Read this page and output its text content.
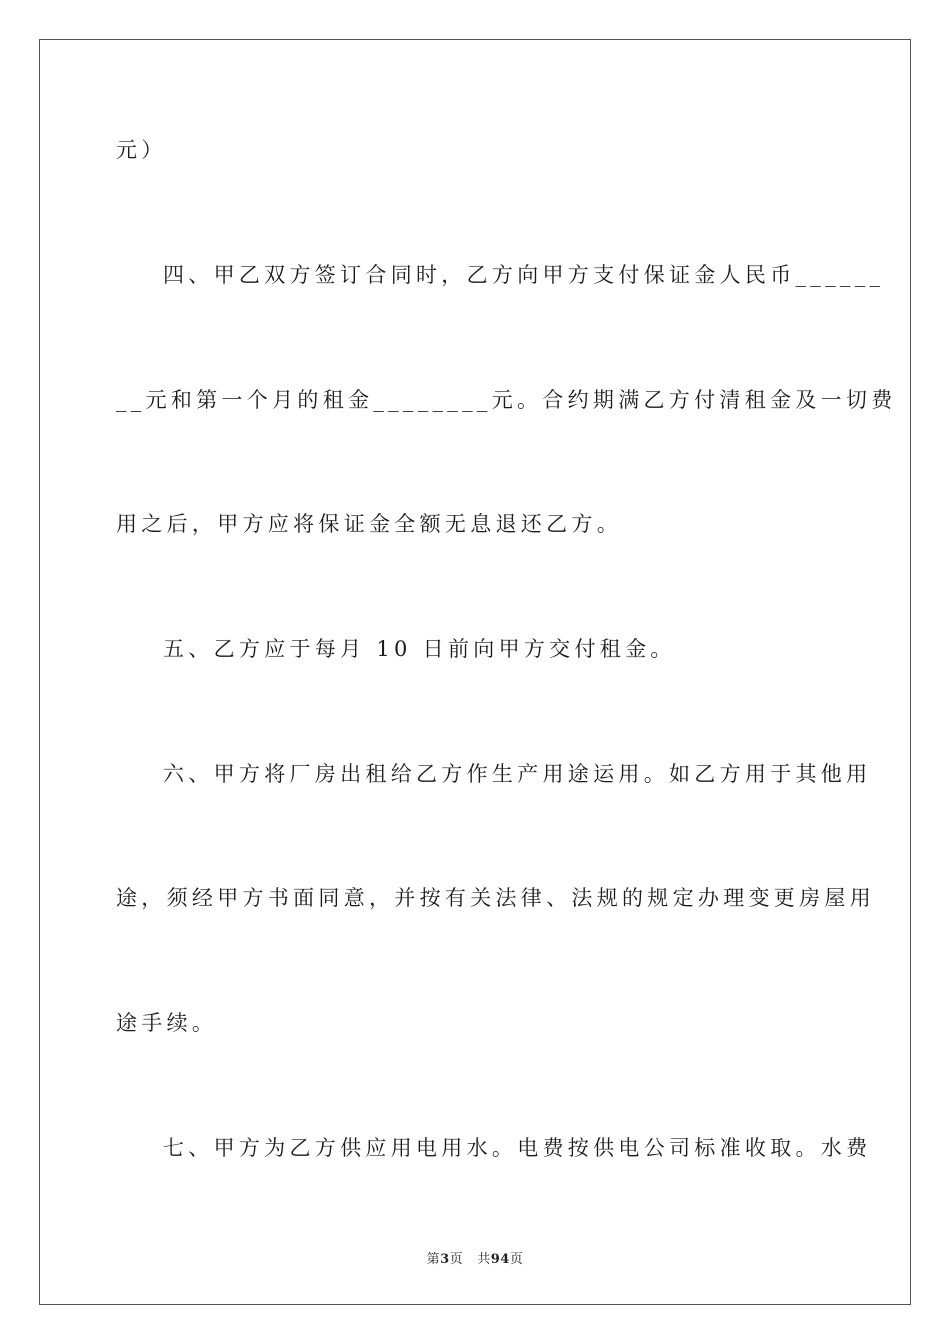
元）
四、甲乙双方签订合同时，乙方向甲方支付保证金人民币______
__元和第一个月的租金________元。合约期满乙方付清租金及一切费
用之后，甲方应将保证金全额无息退还乙方。
五、乙方应于每月 10 日前向甲方交付租金。
六、甲方将厂房出租给乙方作生产用途运用。如乙方用于其他用
途，须经甲方书面同意，并按有关法律、法规的规定办理变更房屋用
途手续。
七、甲方为乙方供应用电用水。电费按供电公司标准收取。水费
第3页 共94页
